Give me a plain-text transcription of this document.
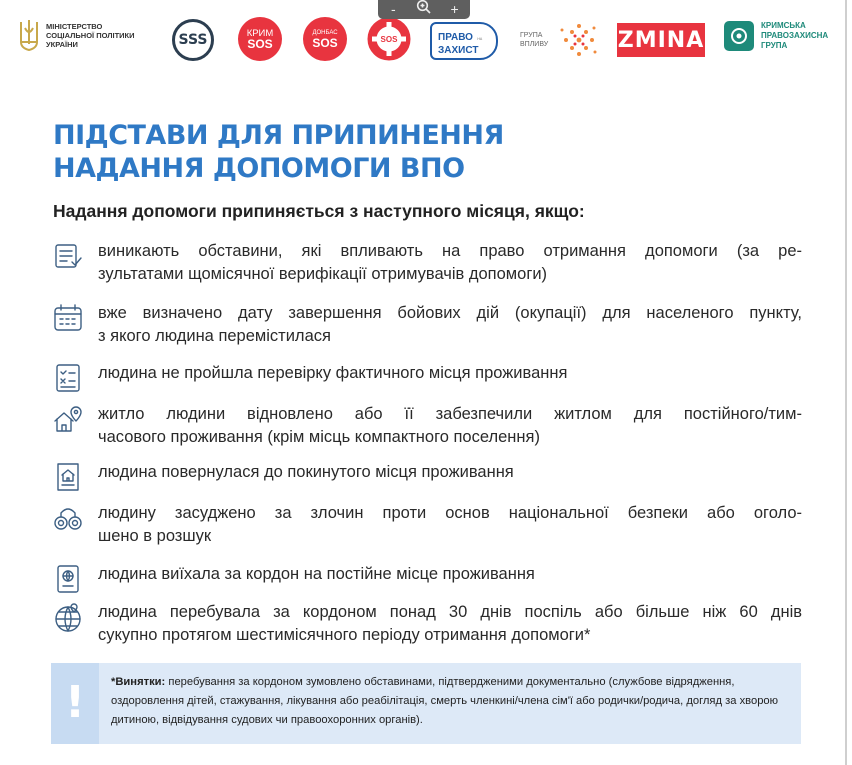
МІНІСТЕРСТВО СОЦІАЛЬНОЇ ПОЛІТИКИ УКРАЇНИ	SSS	КРИМ
SOS
ДОНБАС
SOS	SOS	ПРАВО НА
ЗАХИСТ
ГРУПА ВПЛИВУ	ZMINA
КРИМСЬКА ПРАВОЗАХИСНА ГРУПА
-	+
ПІДСТАВИ ДЛЯ ПРИПИНЕННЯ
НАДАННЯ ДОПОМОГИ ВПО
Надання допомоги припиняється з наступного місяця, якщо:
виникають обставини, які впливають на право отримання допомоги (за ре-
зультатами щомісячної верифікації отримувачів допомоги)
вже визначено дату завершення бойових дій (окупації) для населеного пункту,
з якого людина перемістилася
людина не пройшла перевірку фактичного місця проживання
житло людини відновлено або її забезпечили житлом для постійного/тим-
часового проживання (крім місць компактного поселення)
людина повернулася до покинутого місця проживання
людину засуджено за злочин проти основ національної безпеки або оголо-
шено в розшук
людина виїхала за кордон на постійне місце проживання
людина перебувала за кордоном понад 30 днів поспіль або більше ніж 60 днів
сукупно протягом шестимісячного періоду отримання допомоги*
!	*Винятки: перебування за кордоном зумовлено обставинами, підтвердженими документально (службове відрядження, оздоровлення дітей, стажування, лікування або реабілітація, смерть членкині/члена сім'ї або родички/родича, догляд за хворою дитиною, відвідування судових чи правоохоронних органів).
